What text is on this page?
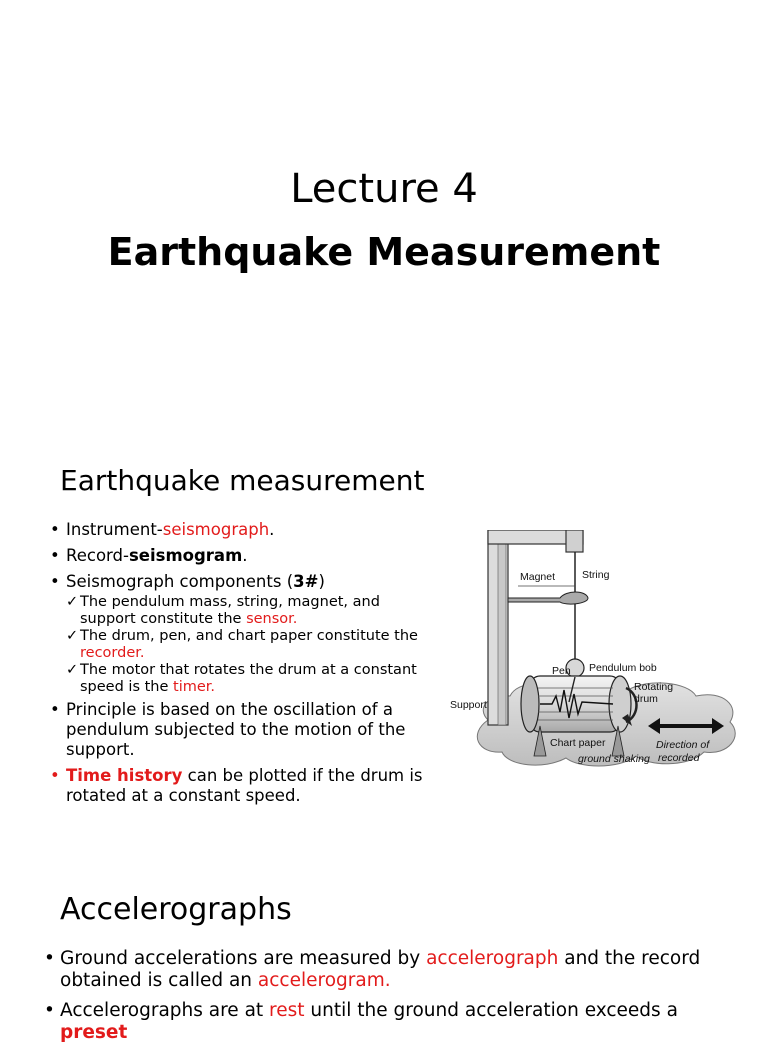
Lecture 4
Earthquake Measurement
Earthquake measurement
• Instrument-seismograph.
• Record-seismogram.
• Seismograph components (3#)
✓ The pendulum mass, string, magnet, and support constitute the sensor.
✓ The drum, pen, and chart paper constitute the recorder.
✓ The motor that rotates the drum at a constant speed is the timer.
• Principle is based on the oscillation of a pendulum subjected to the motion of the support.
• Time history can be plotted if the drum is rotated at a constant speed.
Magnet	String
Pendulum bob
Pen
Support
Rotating
drum
Chart paper
ground shaking
Direction of
recorded
Accelerographs
• Ground accelerations are measured by accelerograph and the record obtained is called an accelerogram.
• Accelerographs are at rest until the ground acceleration exceeds a preset
